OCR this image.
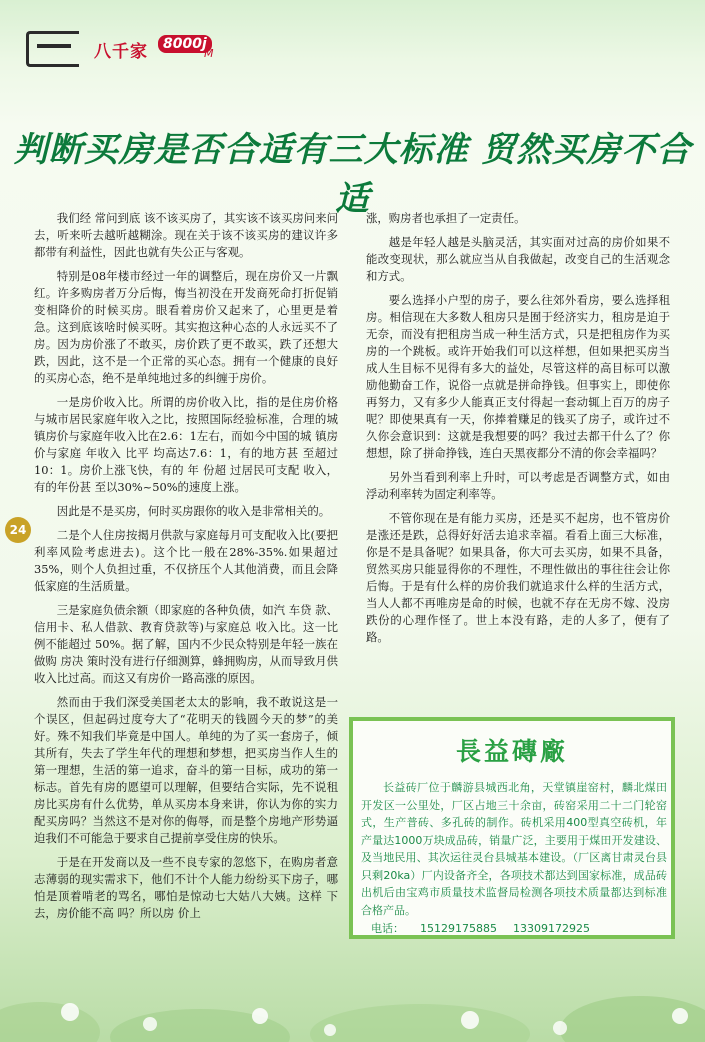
八千家	8000j
M
判断买房是否合适有三大标准 贸然买房不合适

我们经 常问到底 该不该买房了，其实该不该买房问来问去，听来听去越听越糊涂。现在关于该不该买房的建议许多都带有利益性，因此也就有失公正与客观。

特别是08年楼市经过一年的调整后，现在房价又一片飘红。许多购房者万分后悔，悔当初没在开发商死命打折促销变相降价的时候买房。眼看着房价又起来了，心里更是着急。这到底该啥时候买呀。其实抱这种心态的人永远买不了房。因为房价涨了不敢买，房价跌了更不敢买，跌了还想大跌，因此，这不是一个正常的买心态。拥有一个健康的良好的买房心态，绝不是单纯地过多的纠缠于房价。

一是房价收入比。所谓的房价收入比，指的是住房价格与城市居民家庭年收入之比，按照国际经验标准，合理的城镇房价与家庭年收入比在2.6：1左右，而如今中国的城 镇房 价与家庭 年收入 比平 均高达7.6：1，有的地方甚 至超过10：1。房价上涨飞快，有的 年 份超 过居民可支配 收入，有的年份甚 至以30%~50%的速度上涨。

因此是不是买房，何时买房跟你的收入是非常相关的。

二是个人住房按揭月供款与家庭每月可支配收入比(要把利率风险考虑进去)。这个比一般在28%-35%.如果超过35%，则个人负担过重，不仅挤压个人其他消费，而且会降低家庭的生活质量。

三是家庭负债余额（即家庭的各种负债，如汽 车贷 款、信用卡、私人借款、教育贷款等)与家庭总 收入比。这一比例不能超过 50%。据了解，国内不少民众特别是年轻一族在 做购 房决 策时没有进行仔细测算，蜂拥购房，从而导致月供收入比过高。而这又有房价一路高涨的原因。

然而由于我们深受美国老太太的影响，我不敢说这是一个误区，但起码过度夸大了“花明天的钱圆今天的梦”的美好。殊不知我们毕竟是中国人。单纯的为了买一套房子，倾其所有，失去了学生年代的理想和梦想，把买房当作人生的第一理想，生活的第一追求，奋斗的第一目标，成功的第一标志。首先有房的愿望可以理解，但要结合实际，先不说租房比买房有什么优势，单从买房本身来讲，你认为你的实力配买房吗？当然这不是对你的侮辱，而是整个房地产形势逼迫我们不可能急于要求自己提前享受住房的快乐。

于是在开发商以及一些不良专家的忽悠下，在购房者意志薄弱的现实需求下，他们不计个人能力纷纷买下房子，哪怕是顶着啃老的骂名，哪怕是惊动七大姑八大姨。这样 下去，房价能不高 吗？所以房 价上

涨，购房者也承担了一定责任。

越是年轻人越是头脑灵活，其实面对过高的房价如果不能改变现状，那么就应当从自我做起，改变自己的生活观念和方式。

要么选择小户型的房子，要么往郊外看房，要么选择租房。相信现在大多数人租房只是囿于经济实力，租房是迫于无奈，而没有把租房当成一种生活方式，只是把租房作为买房的一个跳板。或许开始我们可以这样想，但如果把买房当成人生目标不见得有多大的益处，尽管这样的高目标可以激励他勤奋工作，说俗一点就是拼命挣钱。但事实上，即使你再努力，又有多少人能真正支付得起一套动辄上百万的房子呢？即使果真有一天，你捧着赚足的钱买了房子，或许过不久你会意识到：这就是我想要的吗？我过去都干什么了？你想想，除了拼命挣钱，连白天黑夜都分不清的你会幸福吗？

另外当看到利率上升时，可以考虑是否调整方式，如由浮动利率转为固定利率等。

不管你现在是有能力买房，还是买不起房，也不管房价是涨还是跌，总得好好活去追求幸福。看看上面三大标准，你是不是具备呢？如果具备，你大可去买房，如果不具备，贸然买房只能显得你的不理性，不理性做出的事往往会让你后悔。于是有什么样的房价我们就追求什么样的生活方式，当人人都不再唯房是命的时候，也就不存在无房不嫁、没房跌份的心理作怪了。世上本没有路，走的人多了，便有了路。

24
長益磚廠
长益砖厂位于麟游县城西北角，天堂镇崖窑村，麟北煤田开发区一公里处，厂区占地三十余亩，砖窑采用二十二门轮窑式，生产普砖、多孔砖的制作。砖机采用400型真空砖机，年产量达1000万块成品砖，销量广泛，主要用于煤田开发建设、及当地民用、其次运往灵台县城基本建设。（厂区离甘肃灵台县只剩20ka）厂内设备齐全，各项技术都达到国家标准，成品砖出机后由宝鸡市质量技术监督局检测各项技术质量都达到标准合格产品。
电话： 15129175885 13309172925
